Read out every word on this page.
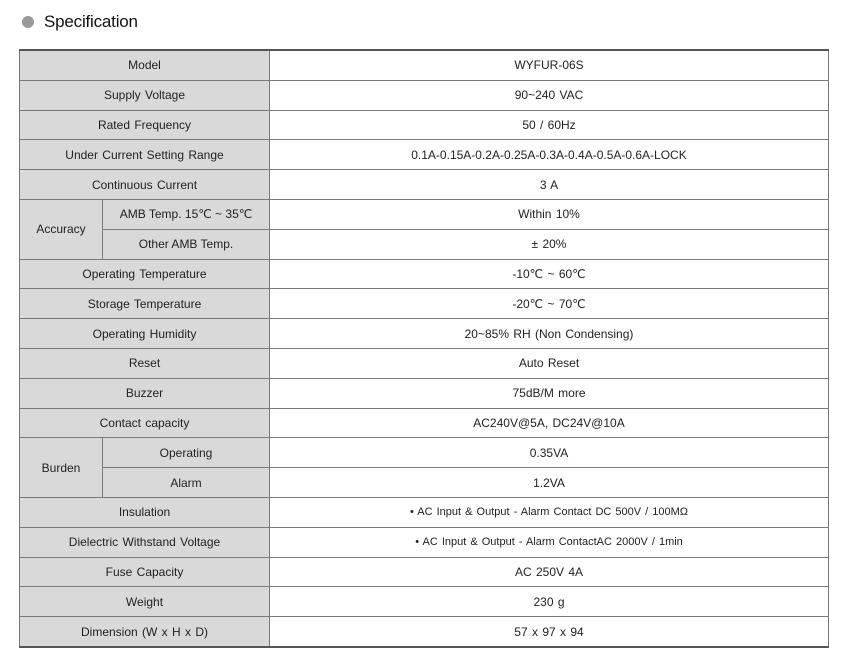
Specification
Model		WYFUR-06S
Supply Voltage		90~240 VAC
Rated Frequency		50 / 60Hz
Under Current Setting Range		0.1A-0.15A-0.2A-0.25A-0.3A-0.4A-0.5A-0.6A-LOCK
Continuous Current		3 A
Accuracy	AMB Temp. 15℃ ~ 35℃	Within 10%
	Other AMB Temp.	± 20%
Operating Temperature		-10℃ ~ 60℃
Storage Temperature		-20℃ ~ 70℃
Operating Humidity		20~85% RH (Non Condensing)
Reset		Auto Reset
Buzzer		75dB/M more
Contact capacity		AC240V@5A, DC24V@10A
Burden	Operating	0.35VA
	Alarm	1.2VA
Insulation		• AC Input & Output - Alarm Contact DC 500V / 100MΩ
Dielectric Withstand Voltage		• AC Input & Output - Alarm ContactAC 2000V / 1min
Fuse Capacity		AC 250V 4A
Weight		230 g
Dimension (W x H x D)		57 x 97 x 94
